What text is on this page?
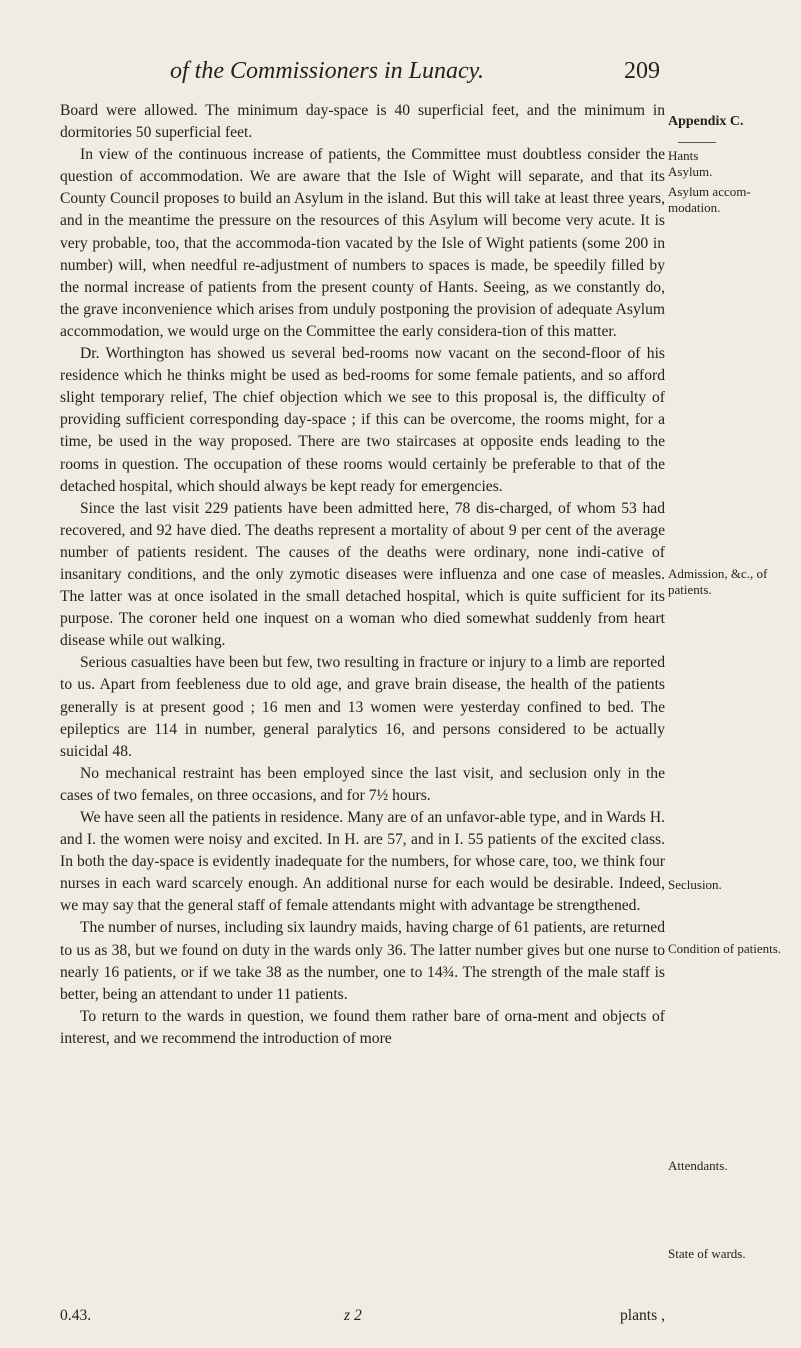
of the Commissioners in Lunacy.	209

Board were allowed. The minimum day-space is 40 superficial feet, and the minimum in dormitories 50 superficial feet.

In view of the continuous increase of patients, the Committee must doubtless consider the question of accommodation. We are aware that the Isle of Wight will separate, and that its County Council proposes to build an Asylum in the island. But this will take at least three years, and in the meantime the pressure on the resources of this Asylum will become very acute. It is very probable, too, that the accommoda-tion vacated by the Isle of Wight patients (some 200 in number) will, when needful re-adjustment of numbers to spaces is made, be speedily filled by the normal increase of patients from the present county of Hants. Seeing, as we constantly do, the grave inconvenience which arises from unduly postponing the provision of adequate Asylum accommodation, we would urge on the Committee the early considera-tion of this matter.

Dr. Worthington has showed us several bed-rooms now vacant on the second-floor of his residence which he thinks might be used as bed-rooms for some female patients, and so afford slight temporary relief, The chief objection which we see to this proposal is, the difficulty of providing sufficient corresponding day-space ; if this can be overcome, the rooms might, for a time, be used in the way proposed. There are two staircases at opposite ends leading to the rooms in question. The occupation of these rooms would certainly be preferable to that of the detached hospital, which should always be kept ready for emergencies.

Since the last visit 229 patients have been admitted here, 78 dis-charged, of whom 53 had recovered, and 92 have died. The deaths represent a mortality of about 9 per cent of the average number of patients resident. The causes of the deaths were ordinary, none indi-cative of insanitary conditions, and the only zymotic diseases were influenza and one case of measles. The latter was at once isolated in the small detached hospital, which is quite sufficient for its purpose. The coroner held one inquest on a woman who died somewhat suddenly from heart disease while out walking.

Serious casualties have been but few, two resulting in fracture or injury to a limb are reported to us. Apart from feebleness due to old age, and grave brain disease, the health of the patients generally is at present good ; 16 men and 13 women were yesterday confined to bed. The epileptics are 114 in number, general paralytics 16, and persons considered to be actually suicidal 48.

No mechanical restraint has been employed since the last visit, and seclusion only in the cases of two females, on three occasions, and for 7½ hours.

We have seen all the patients in residence. Many are of an unfavor-able type, and in Wards H. and I. the women were noisy and excited. In H. are 57, and in I. 55 patients of the excited class. In both the day-space is evidently inadequate for the numbers, for whose care, too, we think four nurses in each ward scarcely enough. An additional nurse for each would be desirable. Indeed, we may say that the general staff of female attendants might with advantage be strengthened.

The number of nurses, including six laundry maids, having charge of 61 patients, are returned to us as 38, but we found on duty in the wards only 36. The latter number gives but one nurse to nearly 16 patients, or if we take 38 as the number, one to 14¾. The strength of the male staff is better, being an attendant to under 11 patients.

To return to the wards in question, we found them rather bare of orna-ment and objects of interest, and we recommend the introduction of more

Appendix C.
Hants Asylum.
Asylum accom-modation.
Admission, &c., of patients.
Seclusion.
Condition of patients.
Attendants.
State of wards.
0.43.	z 2	plants ,
